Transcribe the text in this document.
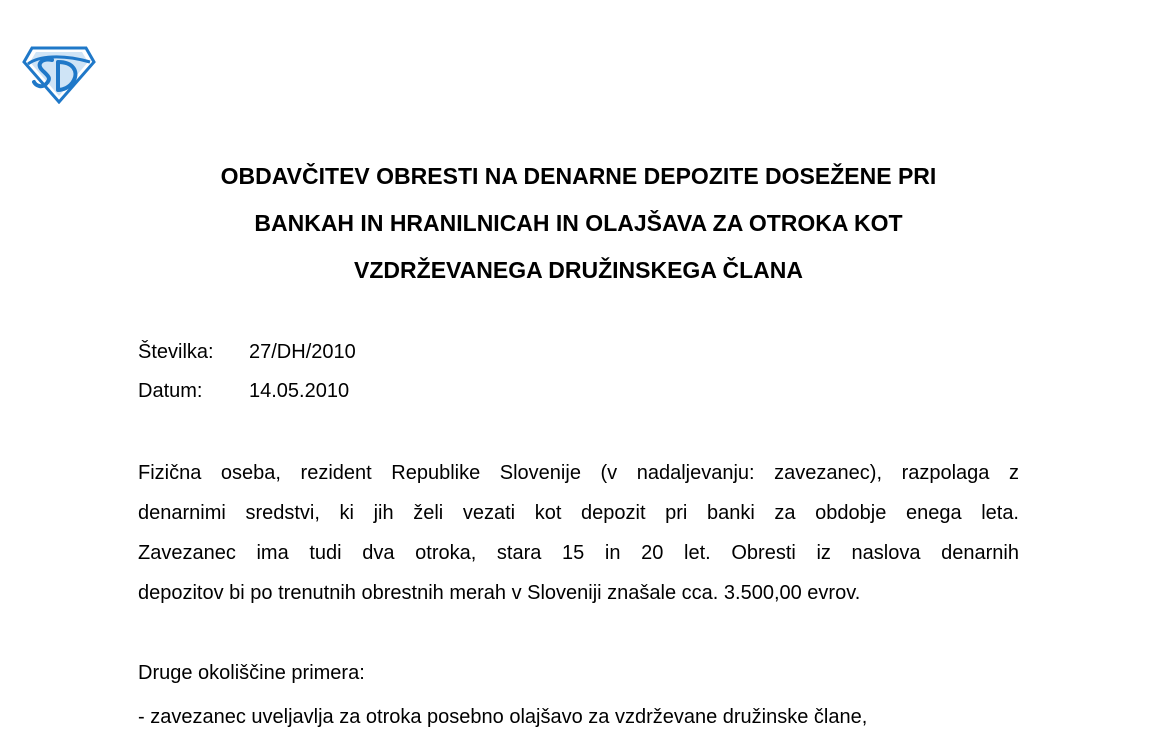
OBDAVČITEV OBRESTI NA DENARNE DEPOZITE DOSEŽENE PRI
BANKAH IN HRANILNICAH IN OLAJŠAVA ZA OTROKA KOT
VZDRŽEVANEGA DRUŽINSKEGA ČLANA
Številka: 27/DH/2010
Datum: 14.05.2010
Fizična oseba, rezident Republike Slovenije (v nadaljevanju: zavezanec), razpolaga z
denarnimi sredstvi, ki jih želi vezati kot depozit pri banki za obdobje enega leta.
Zavezanec ima tudi dva otroka, stara 15 in 20 let. Obresti iz naslova denarnih
depozitov bi po trenutnih obrestnih merah v Sloveniji znašale cca. 3.500,00 evrov.
Druge okoliščine primera:
- zavezanec uveljavlja za otroka posebno olajšavo za vzdrževane družinske člane,
